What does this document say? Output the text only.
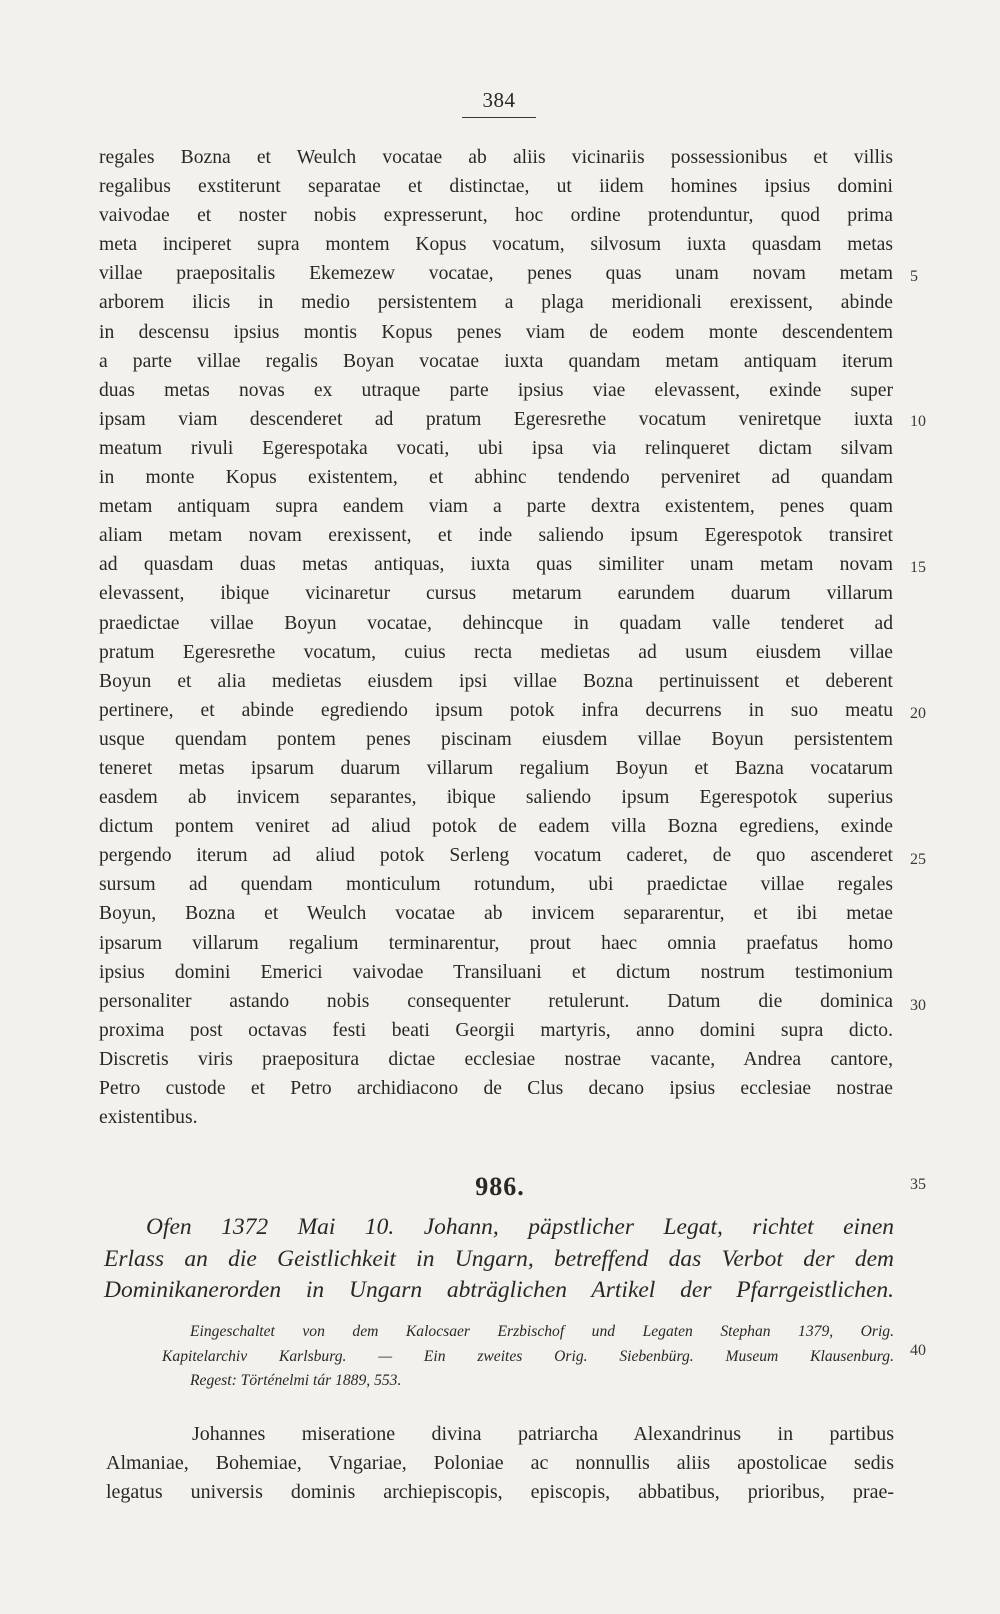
384
regales Bozna et Weulch vocatae ab aliis vicinariis possessionibus et villis
regalibus exstiterunt separatae et distinctae, ut iidem homines ipsius domini
vaivodae et noster nobis expresserunt, hoc ordine protenduntur, quod prima
meta inciperet supra montem Kopus vocatum, silvosum iuxta quasdam metas
villae praepositalis Ekemezew vocatae, penes quas unam novam metam
arborem ilicis in medio persistentem a plaga meridionali erexissent, abinde
in descensu ipsius montis Kopus penes viam de eodem monte descendentem
a parte villae regalis Boyan vocatae iuxta quandam metam antiquam iterum
duas metas novas ex utraque parte ipsius viae elevassent, exinde super
ipsam viam descenderet ad pratum Egeresrethe vocatum veniretque iuxta
meatum rivuli Egerespotaka vocati, ubi ipsa via relinqueret dictam silvam
in monte Kopus existentem, et abhinc tendendo perveniret ad quandam
metam antiquam supra eandem viam a parte dextra existentem, penes quam
aliam metam novam erexissent, et inde saliendo ipsum Egerespotok transiret
ad quasdam duas metas antiquas, iuxta quas similiter unam metam novam
elevassent, ibique vicinaretur cursus metarum earundem duarum villarum
praedictae villae Boyun vocatae, dehincque in quadam valle tenderet ad
pratum Egeresrethe vocatum, cuius recta medietas ad usum eiusdem villae
Boyun et alia medietas eiusdem ipsi villae Bozna pertinuissent et deberent
pertinere, et abinde egrediendo ipsum potok infra decurrens in suo meatu
usque quendam pontem penes piscinam eiusdem villae Boyun persistentem
teneret metas ipsarum duarum villarum regalium Boyun et Bazna vocatarum
easdem ab invicem separantes, ibique saliendo ipsum Egerespotok superius
dictum pontem veniret ad aliud potok de eadem villa Bozna egrediens, exinde
pergendo iterum ad aliud potok Serleng vocatum caderet, de quo ascenderet
sursum ad quendam monticulum rotundum, ubi praedictae villae regales
Boyun, Bozna et Weulch vocatae ab invicem separarentur, et ibi metae
ipsarum villarum regalium terminarentur, prout haec omnia praefatus homo
ipsius domini Emerici vaivodae Transiluani et dictum nostrum testimonium
personaliter astando nobis consequenter retulerunt. Datum die dominica
proxima post octavas festi beati Georgii martyris, anno domini supra dicto.
Discretis viris praepositura dictae ecclesiae nostrae vacante, Andrea cantore,
Petro custode et Petro archidiacono de Clus decano ipsius ecclesiae nostrae
existentibus.
5
10
15
20
25
30
35
40
986.
Ofen 1372 Mai 10. Johann, päpstlicher Legat, richtet einen
Erlass an die Geistlichkeit in Ungarn, betreffend das Verbot der dem
Dominikanerorden in Ungarn abträglichen Artikel der Pfarrgeistlichen.
Eingeschaltet von dem Kalocsaer Erzbischof und Legaten Stephan 1379, Orig.
Kapitelarchiv Karlsburg. — Ein zweites Orig. Siebenbürg. Museum Klausenburg.
Regest: Történelmi tár 1889, 553.
Johannes miseratione divina patriarcha Alexandrinus in partibus
Almaniae, Bohemiae, Vngariae, Poloniae ac nonnullis aliis apostolicae sedis
legatus universis dominis archiepiscopis, episcopis, abbatibus, prioribus, prae-
